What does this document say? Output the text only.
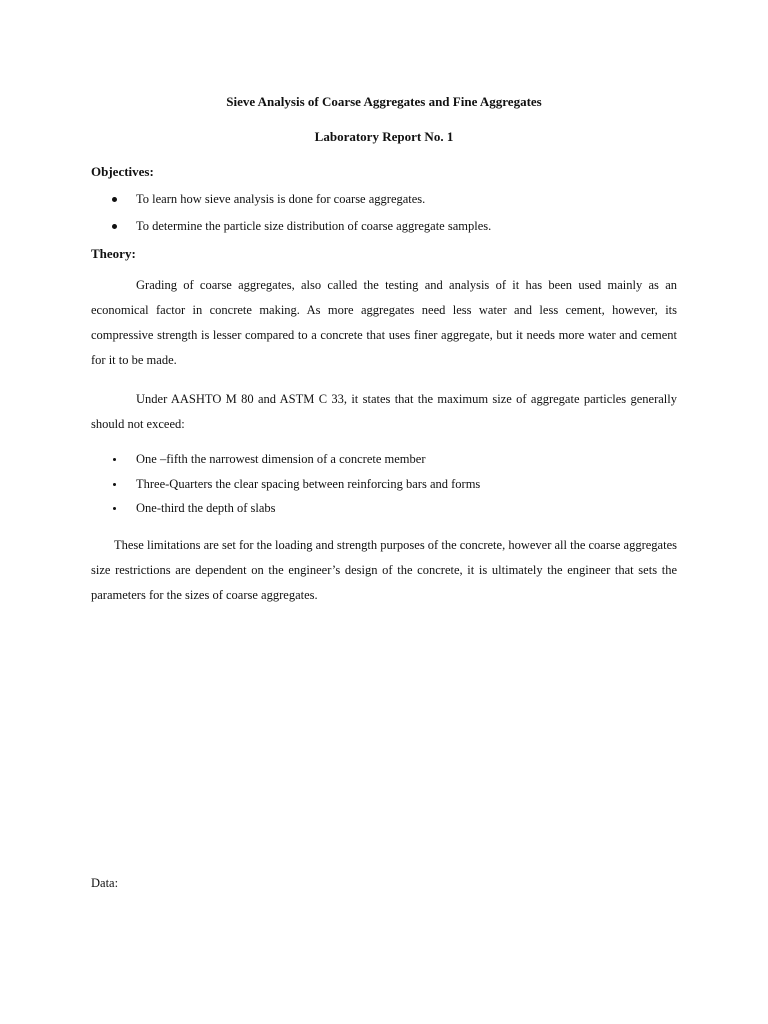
Sieve Analysis of Coarse Aggregates and Fine Aggregates

Laboratory Report No. 1

Objectives:

To learn how sieve analysis is done for coarse aggregates.
To determine the particle size distribution of coarse aggregate samples.

Theory:

Grading of coarse aggregates, also called the testing and analysis of it has been used mainly as an economical factor in concrete making. As more aggregates need less water and less cement, however, its compressive strength is lesser compared to a concrete that uses finer aggregate, but it needs more water and cement for it to be made.

Under AASHTO M 80 and ASTM C 33, it states that the maximum size of aggregate particles generally should not exceed:

One –fifth the narrowest dimension of a concrete member
Three-Quarters the clear spacing between reinforcing bars and forms
One-third the depth of slabs

These limitations are set for the loading and strength purposes of the concrete, however all the coarse aggregates size restrictions are dependent on the engineer’s design of the concrete, it is ultimately the engineer that sets the parameters for the sizes of coarse aggregates.

Data:
